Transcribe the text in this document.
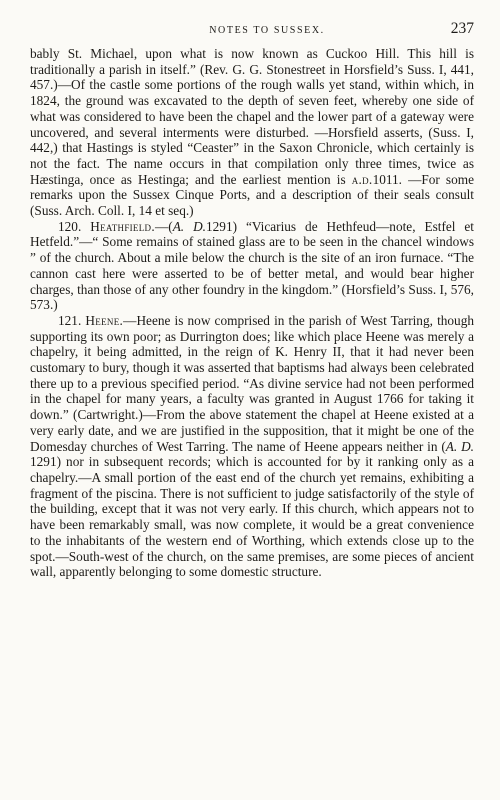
NOTES TO SUSSEX.	237

bably St. Michael, upon what is now known as Cuckoo Hill. This hill is traditionally a parish in itself.” (Rev. G. G. Stonestreet in Horsfield’s Suss. I, 441, 457.)—Of the castle some portions of the rough walls yet stand, within which, in 1824, the ground was excavated to the depth of seven feet, whereby one side of what was considered to have been the chapel and the lower part of a gateway were uncovered, and several interments were disturbed. —Horsfield asserts, (Suss. I, 442,) that Hastings is styled “Ceaster” in the Saxon Chronicle, which certainly is not the fact. The name occurs in that compilation only three times, twice as Hæstinga, once as Hestinga; and the earliest mention is a.d.1011. —For some remarks upon the Sussex Cinque Ports, and a description of their seals consult (Suss. Arch. Coll. I, 14 et seq.)

120. Heathfield.—(A. D.1291) “Vicarius de Hethfeud—note, Estfel et Hetfeld.”—“ Some remains of stained glass are to be seen in the chancel windows ” of the church. About a mile below the church is the site of an iron furnace. “The cannon cast here were asserted to be of better metal, and would bear higher charges, than those of any other foundry in the kingdom.” (Horsfield’s Suss. I, 576, 573.)

121. Heene.—Heene is now comprised in the parish of West Tarring, though supporting its own poor; as Durrington does; like which place Heene was merely a chapelry, it being admitted, in the reign of K. Henry II, that it had never been customary to bury, though it was asserted that baptisms had always been celebrated there up to a previous specified period. “As divine service had not been performed in the chapel for many years, a faculty was granted in August 1766 for taking it down.” (Cartwright.)—From the above statement the chapel at Heene existed at a very early date, and we are justified in the supposition, that it might be one of the Domesday churches of West Tarring. The name of Heene appears neither in (A. D. 1291) nor in subsequent records; which is accounted for by it ranking only as a chapelry.—A small portion of the east end of the church yet remains, exhibiting a fragment of the piscina. There is not sufficient to judge satisfactorily of the style of the building, except that it was not very early. If this church, which appears not to have been remarkably small, was now complete, it would be a great convenience to the inhabitants of the western end of Worthing, which extends close up to the spot.—South-west of the church, on the same premises, are some pieces of ancient wall, apparently belonging to some domestic structure.
